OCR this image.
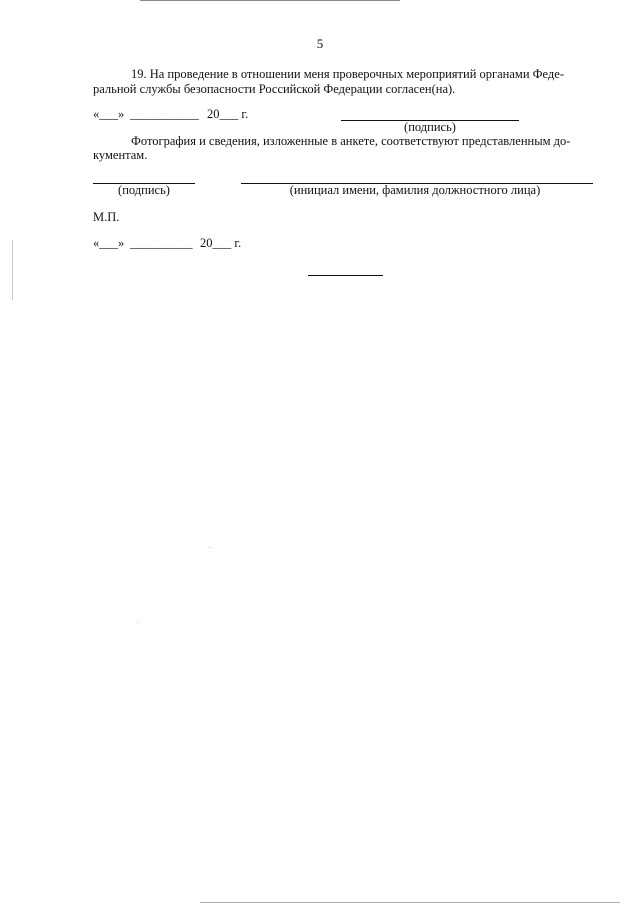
5
19. На проведение в отношении меня проверочных мероприятий органами Феде-
ральной службы безопасности Российской Федерации согласен(на).
«___» ___________ 20___ г.
(подпись)
Фотография и сведения, изложенные в анкете, соответствуют представленным до-
кументам.
(подпись)	(инициал имени, фамилия должностного лица)
М.П.
«___» __________ 20___ г.
